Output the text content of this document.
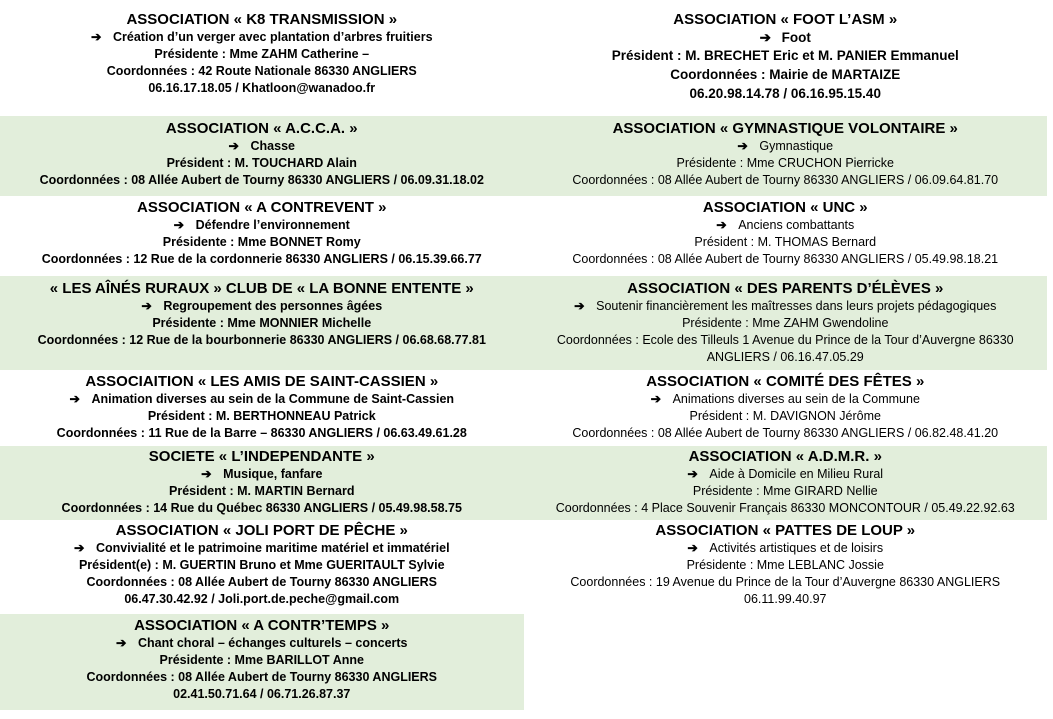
ASSOCIATION « K8 TRANSMISSION »
➔ Création d’un verger avec plantation d’arbres fruitiers
Présidente : Mme ZAHM Catherine –
Coordonnées : 42 Route Nationale 86330 ANGLIERS
06.16.17.18.05 / Khatloon@wanadoo.fr
ASSOCIATION « FOOT L’ASM »
➔ Foot
Président : M. BRECHET Eric et M. PANIER Emmanuel
Coordonnées : Mairie de MARTAIZE
06.20.98.14.78 / 06.16.95.15.40
ASSOCIATION « A.C.C.A. »
➔ Chasse
Président : M. TOUCHARD Alain
Coordonnées : 08 Allée Aubert de Tourny 86330 ANGLIERS / 06.09.31.18.02
ASSOCIATION « GYMNASTIQUE VOLONTAIRE »
➔ Gymnastique
Présidente : Mme CRUCHON Pierricke
Coordonnées : 08 Allée Aubert de Tourny 86330 ANGLIERS / 06.09.64.81.70
ASSOCIATION « A CONTREVENT »
➔ Défendre l’environnement
Présidente : Mme BONNET Romy
Coordonnées : 12 Rue de la cordonnerie 86330 ANGLIERS / 06.15.39.66.77
ASSOCIATION « UNC »
➔ Anciens combattants
Président : M. THOMAS Bernard
Coordonnées : 08 Allée Aubert de Tourny 86330 ANGLIERS / 05.49.98.18.21
« LES AÎNÉS RURAUX » CLUB DE « LA BONNE ENTENTE »
➔ Regroupement des personnes âgées
Présidente : Mme MONNIER Michelle
Coordonnées : 12 Rue de la bourbonnerie 86330 ANGLIERS / 06.68.68.77.81
ASSOCIATION « DES PARENTS D’ÉLÈVES »
➔ Soutenir financièrement les maîtresses dans leurs projets pédagogiques
Présidente : Mme ZAHM Gwendoline
Coordonnées : Ecole des Tilleuls 1 Avenue du Prince de la Tour d’Auvergne 86330
ANGLIERS / 06.16.47.05.29
ASSOCIAITION « LES AMIS DE SAINT-CASSIEN »
➔ Animation diverses au sein de la Commune de Saint-Cassien
Président : M. BERTHONNEAU Patrick
Coordonnées : 11 Rue de la Barre – 86330 ANGLIERS / 06.63.49.61.28
ASSOCIATION « COMITÉ DES FÊTES »
➔ Animations diverses au sein de la Commune
Président : M. DAVIGNON Jérôme
Coordonnées : 08 Allée Aubert de Tourny 86330 ANGLIERS / 06.82.48.41.20
SOCIETE « L’INDEPENDANTE »
➔ Musique, fanfare
Président : M. MARTIN Bernard
Coordonnées : 14 Rue du Québec 86330 ANGLIERS / 05.49.98.58.75
ASSOCIATION « A.D.M.R. »
➔ Aide à Domicile en Milieu Rural
Présidente : Mme GIRARD Nellie
Coordonnées : 4 Place Souvenir Français 86330 MONCONTOUR / 05.49.22.92.63
ASSOCIATION « JOLI PORT DE PÊCHE »
➔ Convivialité et le patrimoine maritime matériel et immatériel
Président(e) : M. GUERTIN Bruno et Mme GUERITAULT Sylvie
Coordonnées : 08 Allée Aubert de Tourny 86330 ANGLIERS
06.47.30.42.92 / Joli.port.de.peche@gmail.com
ASSOCIATION « PATTES DE LOUP »
➔ Activités artistiques et de loisirs
Présidente : Mme LEBLANC Jossie
Coordonnées : 19 Avenue du Prince de la Tour d’Auvergne 86330 ANGLIERS
06.11.99.40.97
ASSOCIATION « A CONTR’TEMPS »
➔ Chant choral – échanges culturels – concerts
Présidente : Mme BARILLOT Anne
Coordonnées : 08 Allée Aubert de Tourny 86330 ANGLIERS
02.41.50.71.64 / 06.71.26.87.37
